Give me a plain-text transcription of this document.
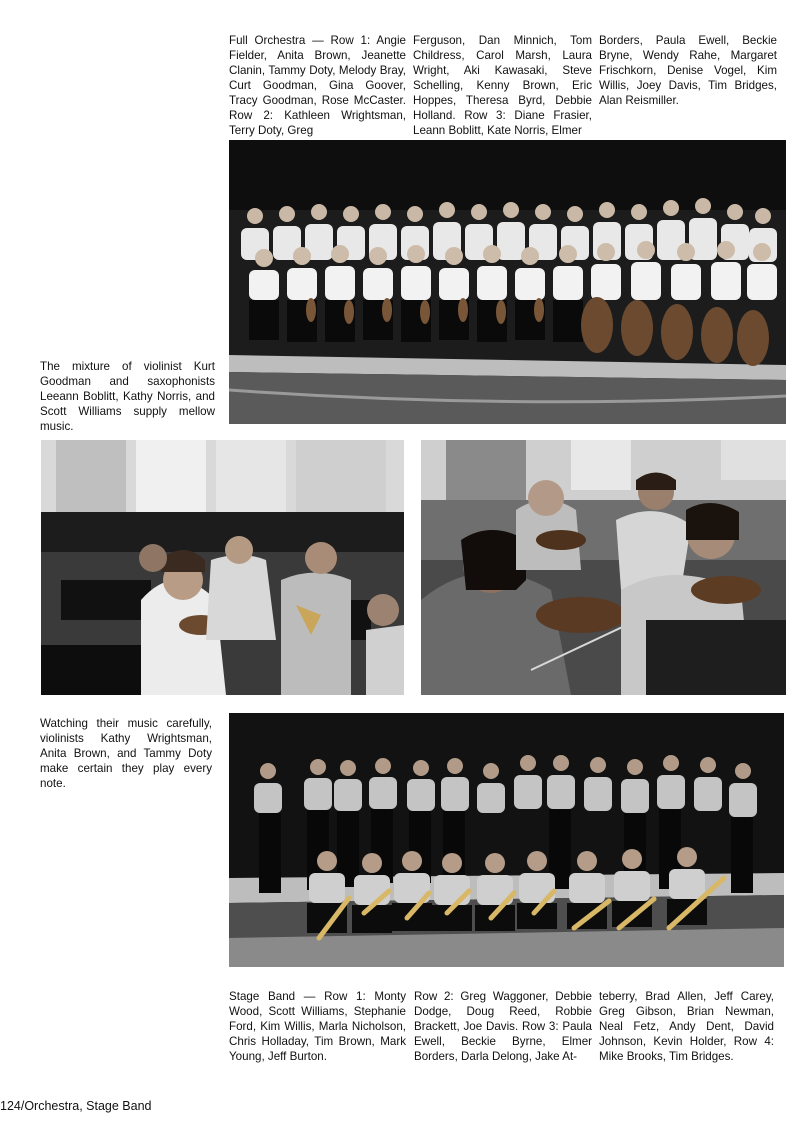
Full Orchestra — Row 1: Angie Fielder, Anita Brown, Jeanette Clanin, Tammy Doty, Melody Bray, Curt Goodman, Gina Goover, Tracy Goodman, Rose McCaster. Row 2: Kathleen Wrightsman, Terry Doty, Greg
Ferguson, Dan Minnich, Tom Childress, Carol Marsh, Laura Wright, Aki Kawasaki, Steve Schelling, Kenny Brown, Eric Hoppes, Theresa Byrd, Debbie Holland. Row 3: Diane Frasier, Leann Boblitt, Kate Norris, Elmer
Borders, Paula Ewell, Beckie Bryne, Wendy Rahe, Margaret Frischkorn, Denise Vogel, Kim Willis, Joey Davis, Tim Bridges, Alan Reismiller.
The mixture of violinist Kurt Goodman and saxophonists Leeann Boblitt, Kathy Norris, and Scott Williams supply mellow music.
Watching their music carefully, violinists Kathy Wrightsman, Anita Brown, and Tammy Doty make certain they play every note.
Stage Band — Row 1: Monty Wood, Scott Williams, Stephanie Ford, Kim Willis, Marla Nicholson, Chris Holladay, Tim Brown, Mark Young, Jeff Burton.
Row 2: Greg Waggoner, Debbie Dodge, Doug Reed, Robbie Brackett, Joe Davis. Row 3: Paula Ewell, Beckie Byrne, Elmer Borders, Darla Delong, Jake At-
teberry, Brad Allen, Jeff Carey, Greg Gibson, Brian Newman, Neal Fetz, Andy Dent, David Johnson, Kevin Holder, Row 4: Mike Brooks, Tim Bridges.
124/Orchestra, Stage Band
